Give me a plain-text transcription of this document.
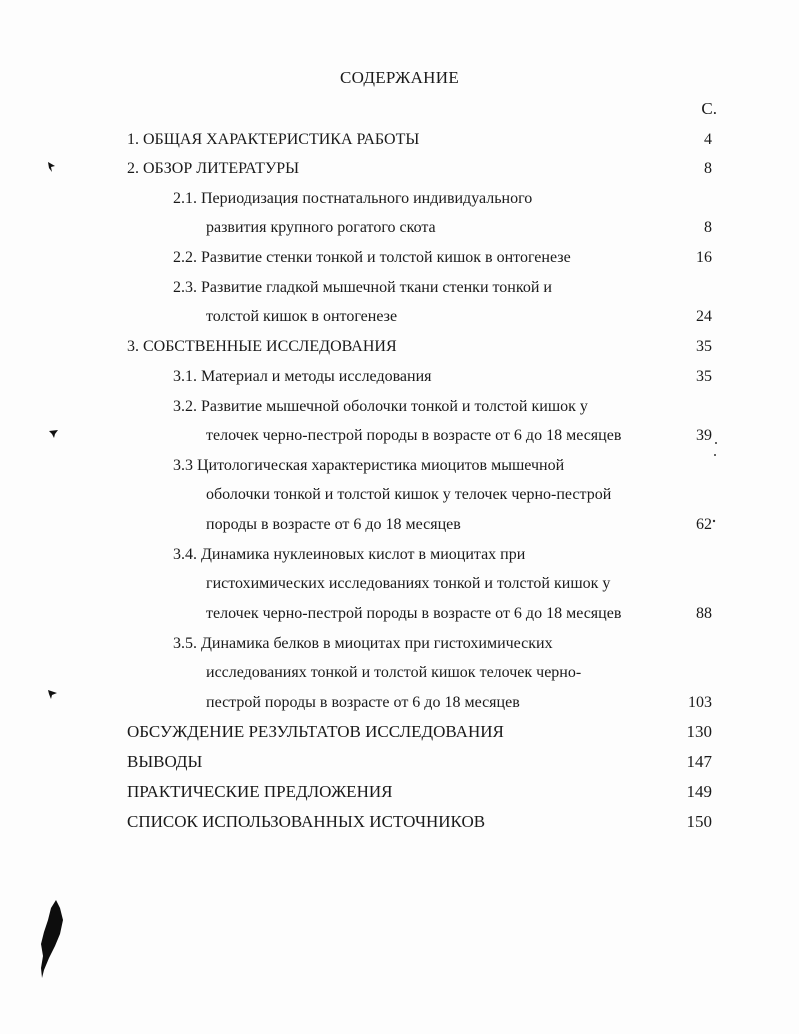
СОДЕРЖАНИЕ
С.
1. ОБЩАЯ ХАРАКТЕРИСТИКА РАБОТЫ	4
2. ОБЗОР ЛИТЕРАТУРЫ	8
2.1. Периодизация постнатального индивидуального
развития крупного рогатого скота	8
2.2. Развитие стенки тонкой и толстой кишок в онтогенезе	16
2.3. Развитие гладкой мышечной ткани стенки тонкой и
толстой кишок в онтогенезе	24
3. СОБСТВЕННЫЕ ИССЛЕДОВАНИЯ	35
3.1. Материал и методы исследования	35
3.2. Развитие мышечной оболочки тонкой и толстой кишок у
телочек черно-пестрой породы в возрасте от 6 до 18 месяцев	39
3.3 Цитологическая характеристика миоцитов мышечной
оболочки тонкой и толстой кишок у телочек черно-пестрой
породы в возрасте от 6 до 18 месяцев	62
3.4. Динамика нуклеиновых кислот в миоцитах при
гистохимических исследованиях тонкой и толстой кишок у
телочек черно-пестрой породы в возрасте от 6 до 18 месяцев	88
3.5. Динамика белков в миоцитах при гистохимических
исследованиях тонкой и толстой кишок телочек черно-
пестрой породы в возрасте от 6 до 18 месяцев	103
ОБСУЖДЕНИЕ РЕЗУЛЬТАТОВ ИССЛЕДОВАНИЯ	130
ВЫВОДЫ	147
ПРАКТИЧЕСКИЕ ПРЕДЛОЖЕНИЯ	149
СПИСОК ИСПОЛЬЗОВАННЫХ ИСТОЧНИКОВ	150
